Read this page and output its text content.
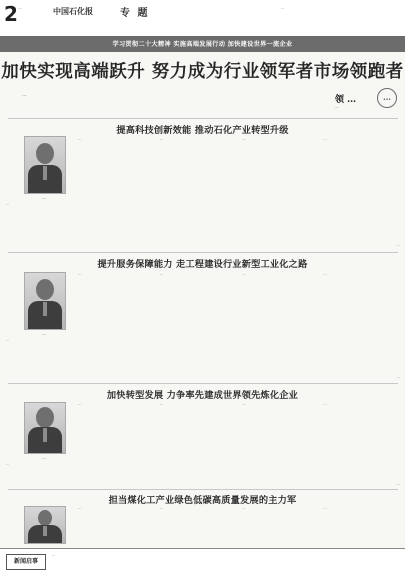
2 …	中国石化报	专 题	…
学习贯彻二十大精神 实施高端发展行动 加快建设世界一流企业
加快实现高端跃升 努力成为行业领军者市场领跑者
…
领 …	…
…
提高科技创新效能 推动石化产业转型升级
…
…
…	…	…	…
…
提升服务保障能力 走工程建设行业新型工业化之路
…
…
…	…	…	…
…
加快转型发展 力争率先建成世界领先炼化企业
…
…
…	…	…	…
…
担当煤化工产业绿色低碳高质量发展的主力军
…	…	…	…
新闻启事
…
